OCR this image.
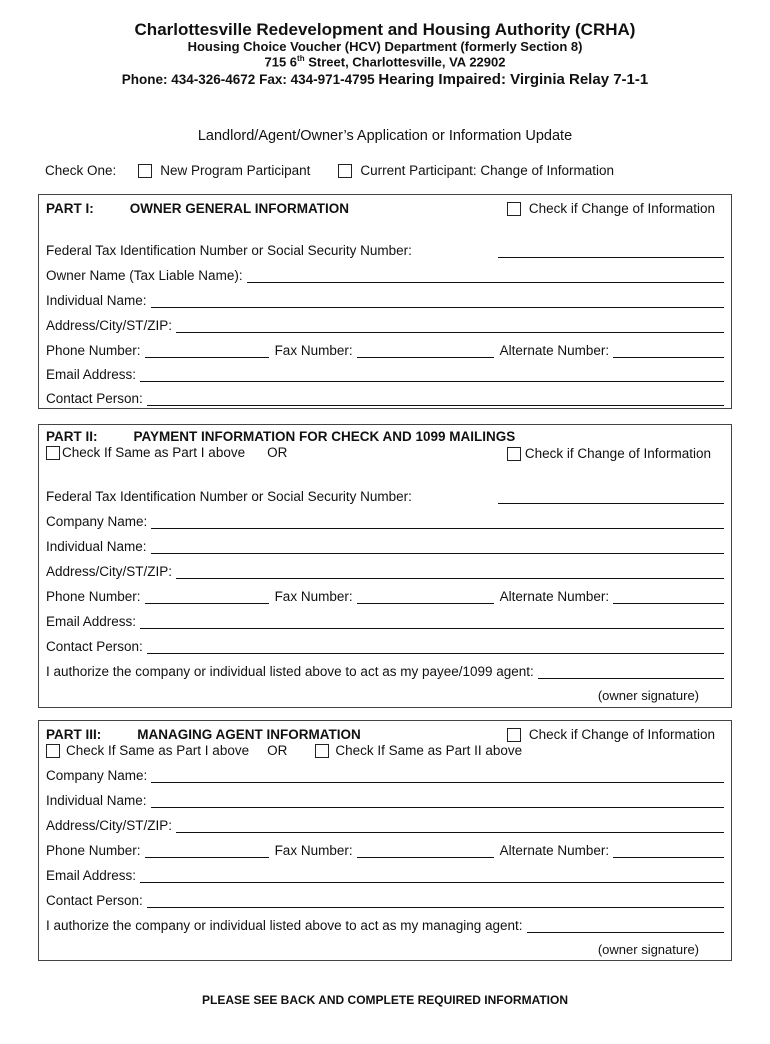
Charlottesville Redevelopment and Housing Authority (CRHA)
Housing Choice Voucher (HCV) Department (formerly Section 8)
715 6th Street, Charlottesville, VA 22902
Phone: 434-326-4672 Fax: 434-971-4795 Hearing Impaired: Virginia Relay 7-1-1
Landlord/Agent/Owner’s Application or Information Update
Check One:	New Program Participant	Current Participant: Change of Information
PART I:	OWNER GENERAL INFORMATION	Check if Change of Information
Federal Tax Identification Number or Social Security Number:
Owner Name (Tax Liable Name):
Individual Name:
Address/City/ST/ZIP:
Phone Number:	Fax Number:	Alternate Number:
Email Address:
Contact Person:
PART II:	PAYMENT INFORMATION FOR CHECK AND 1099 MAILINGS
Check If Same as Part I above OR	Check if Change of Information
Federal Tax Identification Number or Social Security Number:
Company Name:
Individual Name:
Address/City/ST/ZIP:
Phone Number:	Fax Number:	Alternate Number:
Email Address:
Contact Person:
I authorize the company or individual listed above to act as my payee/1099 agent:
(owner signature)
PART III:	MANAGING AGENT INFORMATION	Check if Change of Information
Check If Same as Part I above OR	Check If Same as Part II above
Company Name:
Individual Name:
Address/City/ST/ZIP:
Phone Number:	Fax Number:	Alternate Number:
Email Address:
Contact Person:
I authorize the company or individual listed above to act as my managing agent:
(owner signature)
PLEASE SEE BACK AND COMPLETE REQUIRED INFORMATION
